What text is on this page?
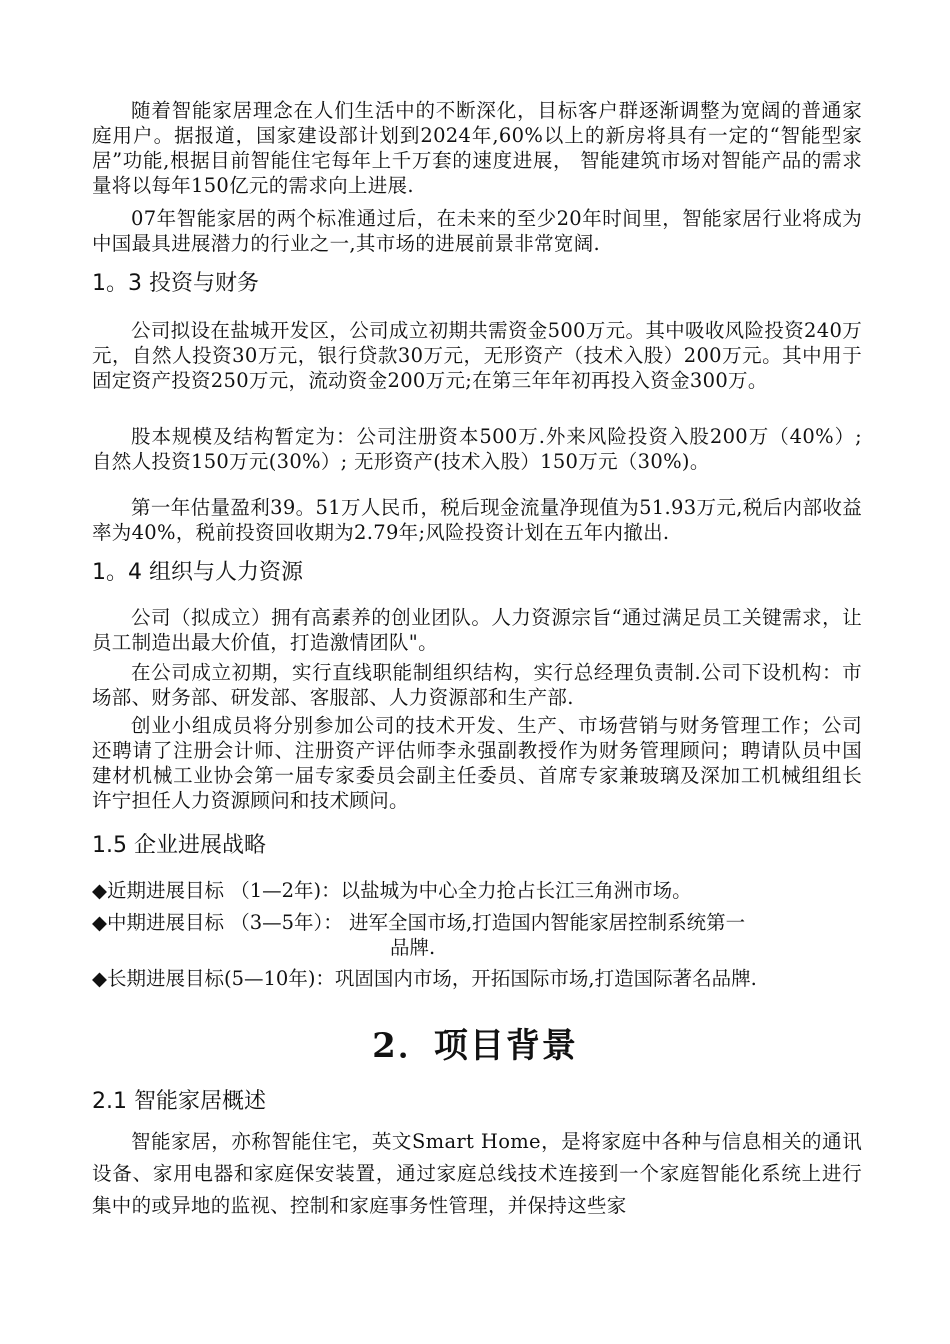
随着智能家居理念在人们生活中的不断深化，目标客户群逐渐调整为宽阔的普通家庭用户。据报道，国家建设部计划到2024年,60%以上的新房将具有一定的“智能型家居”功能,根据目前智能住宅每年上千万套的速度进展， 智能建筑市场对智能产品的需求量将以每年150亿元的需求向上进展.

07年智能家居的两个标准通过后，在未来的至少20年时间里，智能家居行业将成为中国最具进展潜力的行业之一,其市场的进展前景非常宽阔.

1。3 投资与财务

公司拟设在盐城开发区，公司成立初期共需资金500万元。其中吸收风险投资240万元，自然人投资30万元，银行贷款30万元，无形资产（技术入股）200万元。其中用于固定资产投资250万元，流动资金200万元;在第三年年初再投入资金300万。

股本规模及结构暂定为：公司注册资本500万.外来风险投资入股200万（40%）; 自然人投资150万元(30%）; 无形资产(技术入股）150万元（30%)。

第一年估量盈利39。51万人民币，税后现金流量净现值为51.93万元,税后内部收益率为40%，税前投资回收期为2.79年;风险投资计划在五年内撤出.

1。4 组织与人力资源

公司（拟成立）拥有高素养的创业团队。人力资源宗旨“通过满足员工关键需求，让员工制造出最大价值，打造激情团队"。

在公司成立初期，实行直线职能制组织结构，实行总经理负责制.公司下设机构：市场部、财务部、研发部、客服部、人力资源部和生产部.

创业小组成员将分别参加公司的技术开发、生产、市场营销与财务管理工作；公司还聘请了注册会计师、注册资产评估师李永强副教授作为财务管理顾问；聘请队员中国建材机械工业协会第一届专家委员会副主任委员、首席专家兼玻璃及深加工机械组组长许宁担任人力资源顾问和技术顾问。

1.5 企业进展战略
◆近期进展目标 （1—2年)：以盐城为中心全力抢占长江三角洲市场。
◆中期进展目标 （3—5年）： 进军全国市场,打造国内智能家居控制系统第一
品牌.
◆长期进展目标(5—10年)：巩固国内市场，开拓国际市场,打造国际著名品牌.
2．项目背景
2.1 智能家居概述

智能家居，亦称智能住宅，英文Smart Home，是将家庭中各种与信息相关的通讯设备、家用电器和家庭保安装置，通过家庭总线技术连接到一个家庭智能化系统上进行集中的或异地的监视、控制和家庭事务性管理，并保持这些家
